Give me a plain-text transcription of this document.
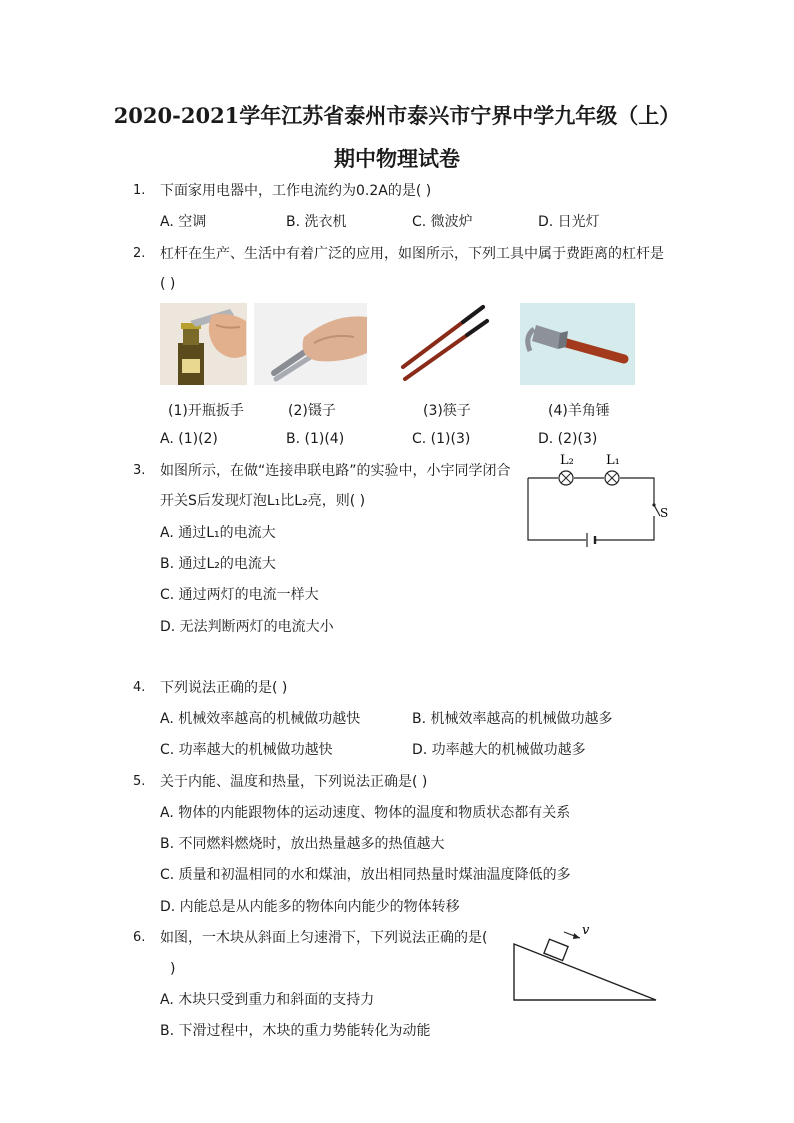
2020-2021学年江苏省泰州市泰兴市宁界中学九年级（上）
期中物理试卷
1. 下面家用电器中，工作电流约为0.2A的是( )
A. 空调	B. 洗衣机	C. 微波炉	D. 日光灯
2. 杠杆在生产、生活中有着广泛的应用，如图所示，下列工具中属于费距离的杠杆是
( )
(1)开瓶扳手	(2)镊子	(3)筷子	(4)羊角锤
A. (1)(2)	B. (1)(4)	C. (1)(3)	D. (2)(3)
3. 如图所示，在做“连接串联电路”的实验中，小宇同学闭合
开关S后发现灯泡L₁比L₂亮，则( )
A. 通过L₁的电流大
B. 通过L₂的电流大
C. 通过两灯的电流一样大
D. 无法判断两灯的电流大小
L₂ L₁
S
4. 下列说法正确的是( )
A. 机械效率越高的机械做功越快	B. 机械效率越高的机械做功越多
C. 功率越大的机械做功越快	D. 功率越大的机械做功越多
5. 关于内能、温度和热量，下列说法正确是( )
A. 物体的内能跟物体的运动速度、物体的温度和物质状态都有关系
B. 不同燃料燃烧时，放出热量越多的热值越大
C. 质量和初温相同的水和煤油，放出相同热量时煤油温度降低的多
D. 内能总是从内能多的物体向内能少的物体转移
6. 如图，一木块从斜面上匀速滑下，下列说法正确的是(
)
A. 木块只受到重力和斜面的支持力
B. 下滑过程中，木块的重力势能转化为动能
v
